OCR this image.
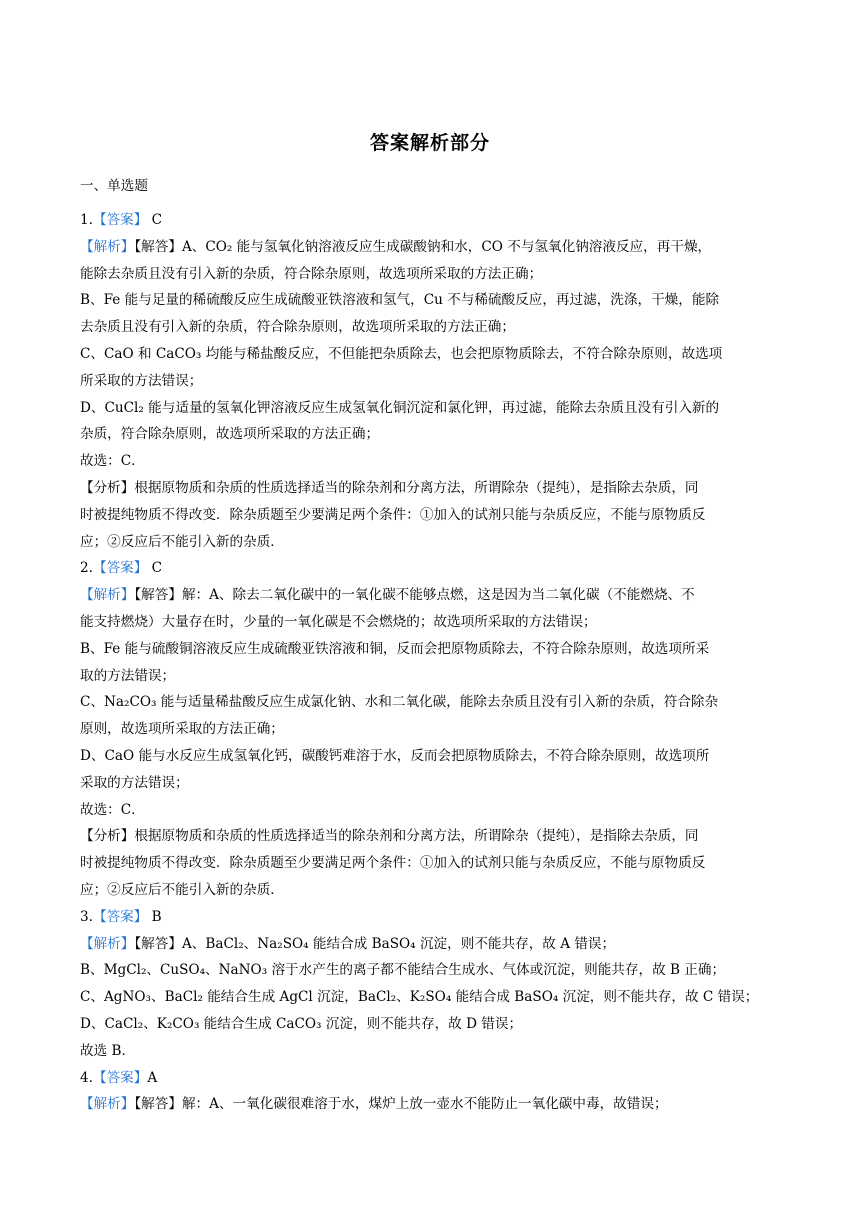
答案解析部分
一、单选题
1.【答案】 C
【解析】【解答】A、CO₂ 能与氢氧化钠溶液反应生成碳酸钠和水，CO 不与氢氧化钠溶液反应，再干燥，
能除去杂质且没有引入新的杂质，符合除杂原则，故选项所采取的方法正确；
B、Fe 能与足量的稀硫酸反应生成硫酸亚铁溶液和氢气，Cu 不与稀硫酸反应，再过滤，洗涤，干燥，能除
去杂质且没有引入新的杂质，符合除杂原则，故选项所采取的方法正确；
C、CaO 和 CaCO₃ 均能与稀盐酸反应，不但能把杂质除去，也会把原物质除去，不符合除杂原则，故选项
所采取的方法错误；
D、CuCl₂ 能与适量的氢氧化钾溶液反应生成氢氧化铜沉淀和氯化钾，再过滤，能除去杂质且没有引入新的
杂质，符合除杂原则，故选项所采取的方法正确；
故选：C．
【分析】根据原物质和杂质的性质选择适当的除杂剂和分离方法，所谓除杂（提纯），是指除去杂质，同
时被提纯物质不得改变．除杂质题至少要满足两个条件：①加入的试剂只能与杂质反应，不能与原物质反
应；②反应后不能引入新的杂质．
2.【答案】 C
【解析】【解答】解：A、除去二氧化碳中的一氧化碳不能够点燃，这是因为当二氧化碳（不能燃烧、不
能支持燃烧）大量存在时，少量的一氧化碳是不会燃烧的；故选项所采取的方法错误；
B、Fe 能与硫酸铜溶液反应生成硫酸亚铁溶液和铜，反而会把原物质除去，不符合除杂原则，故选项所采
取的方法错误；
C、Na₂CO₃ 能与适量稀盐酸反应生成氯化钠、水和二氧化碳，能除去杂质且没有引入新的杂质，符合除杂
原则，故选项所采取的方法正确；
D、CaO 能与水反应生成氢氧化钙，碳酸钙难溶于水，反而会把原物质除去，不符合除杂原则，故选项所
采取的方法错误；
故选：C．
【分析】根据原物质和杂质的性质选择适当的除杂剂和分离方法，所谓除杂（提纯），是指除去杂质，同
时被提纯物质不得改变．除杂质题至少要满足两个条件：①加入的试剂只能与杂质反应，不能与原物质反
应；②反应后不能引入新的杂质．
3.【答案】 B
【解析】【解答】A、BaCl₂、Na₂SO₄ 能结合成 BaSO₄ 沉淀，则不能共存，故 A 错误；
B、MgCl₂、CuSO₄、NaNO₃ 溶于水产生的离子都不能结合生成水、气体或沉淀，则能共存，故 B 正确；
C、AgNO₃、BaCl₂ 能结合生成 AgCl 沉淀，BaCl₂、K₂SO₄ 能结合成 BaSO₄ 沉淀，则不能共存，故 C 错误；
D、CaCl₂、K₂CO₃ 能结合生成 CaCO₃ 沉淀，则不能共存，故 D 错误；
故选 B．
4.【答案】A
【解析】【解答】解：A、一氧化碳很难溶于水，煤炉上放一壶水不能防止一氧化碳中毒，故错误；
